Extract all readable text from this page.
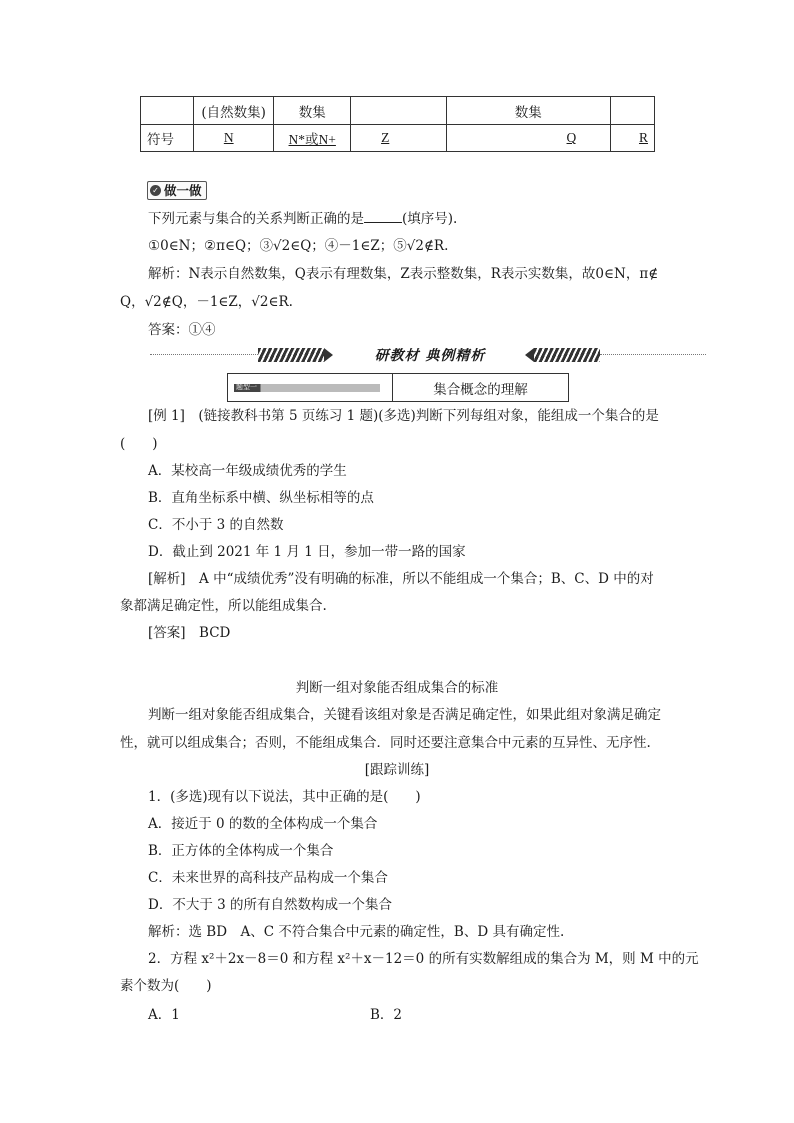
	(自然数集)	数集		数集	
符号	N	N*或N+	Z	Q	R
✓ 做一做
下列元素与集合的关系判断正确的是	(填序号).
①0∈N；②π∈Q；③√2∈Q；④－1∈Z；⑤√2∉R.
解析：N表示自然数集，Q表示有理数集，Z表示整数集，R表示实数集，故0∈N，π∉
Q，√2∉Q，－1∈Z，√2∈R.
答案：①④
研教材 典例精析
题型一	集合概念的理解
[例 1]　(链接教科书第 5 页练习 1 题)(多选)判断下列每组对象，能组成一个集合的是
(　　)
A．某校高一年级成绩优秀的学生
B．直角坐标系中横、纵坐标相等的点
C．不小于 3 的自然数
D．截止到 2021 年 1 月 1 日，参加一带一路的国家
[解析]　A 中“成绩优秀”没有明确的标准，所以不能组成一个集合；B、C、D 中的对
象都满足确定性，所以能组成集合.
[答案]　BCD
判断一组对象能否组成集合的标准
判断一组对象能否组成集合，关键看该组对象是否满足确定性，如果此组对象满足确定
性，就可以组成集合；否则，不能组成集合．同时还要注意集合中元素的互异性、无序性.
[跟踪训练]
1．(多选)现有以下说法，其中正确的是(　　)
A．接近于 0 的数的全体构成一个集合
B．正方体的全体构成一个集合
C．未来世界的高科技产品构成一个集合
D．不大于 3 的所有自然数构成一个集合
解析：选 BD　A、C 不符合集合中元素的确定性，B、D 具有确定性.
2．方程 x²＋2x－8＝0 和方程 x²＋x－12＝0 的所有实数解组成的集合为 M，则 M 中的元
素个数为(　　)
A．1	B．2
